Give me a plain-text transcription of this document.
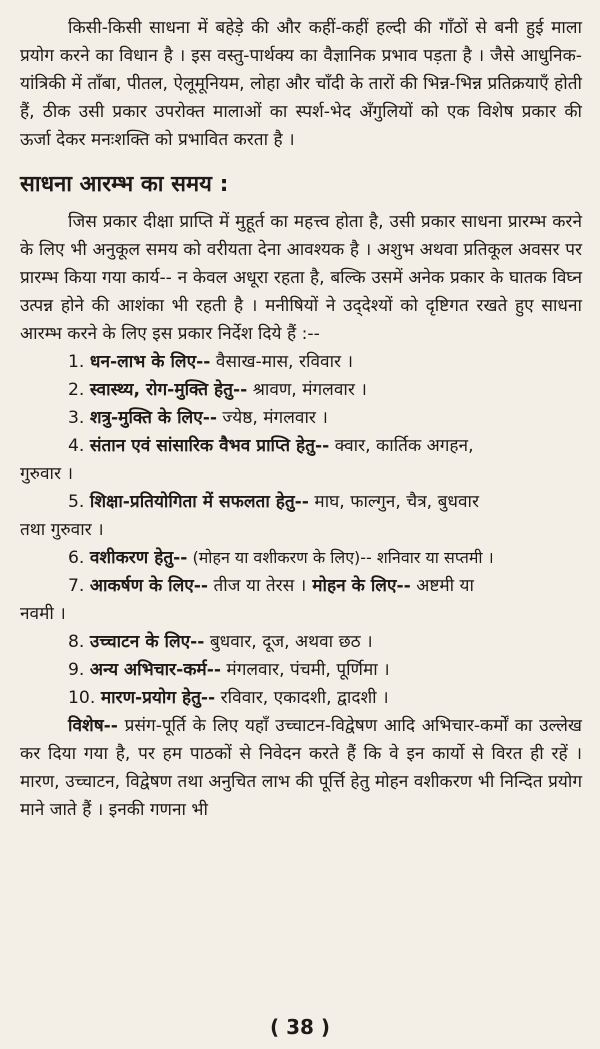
किसी-किसी साधना में बहेड़े की और कहीं-कहीं हल्दी की गाँठों से बनी हुई माला प्रयोग करने का विधान है । इस वस्तु-पार्थक्य का वैज्ञानिक प्रभाव पड़ता है । जैसे आधुनिक-यांत्रिकी में ताँबा, पीतल, ऐलूमूनियम, लोहा और चाँदी के तारों की भिन्न-भिन्न प्रतिक्रयाएँ होती हैं, ठीक उसी प्रकार उपरोक्त मालाओं का स्पर्श-भेद अँगुलियों को एक विशेष प्रकार की ऊर्जा देकर मनःशक्ति को प्रभावित करता है ।

साधना आरम्भ का समय :

जिस प्रकार दीक्षा प्राप्ति में मुहूर्त का महत्त्व होता है, उसी प्रकार साधना प्रारम्भ करने के लिए भी अनुकूल समय को वरीयता देना आवश्यक है । अशुभ अथवा प्रतिकूल अवसर पर प्रारम्भ किया गया कार्य-- न केवल अधूरा रहता है, बल्कि उसमें अनेक प्रकार के घातक विघ्न उत्पन्न होने की आशंका भी रहती है । मनीषियों ने उद्‌देश्यों को दृष्टिगत रखते हुए साधना आरम्भ करने के लिए इस प्रकार निर्देश दिये हैं :--

1. धन-लाभ के लिए-- वैसाख-मास, रविवार ।
2. स्वास्थ्य, रोग-मुक्ति हेतु-- श्रावण, मंगलवार ।
3. शत्रु-मुक्ति के लिए-- ज्येष्ठ, मंगलवार ।
4. संतान एवं सांसारिक वैभव प्राप्ति हेतु-- क्वार, कार्तिक अगहन,
गुरुवार ।
5. शिक्षा-प्रतियोगिता में सफलता हेतु-- माघ, फाल्गुन, चैत्र, बुधवार
तथा गुरुवार ।
6. वशीकरण हेतु-- (मोहन या वशीकरण के लिए)-- शनिवार या सप्तमी ।
7. आकर्षण के लिए-- तीज या तेरस । मोहन के लिए-- अष्टमी या
नवमी ।
8. उच्चाटन के लिए-- बुधवार, दूज, अथवा छठ ।
9. अन्य अभिचार-कर्म-- मंगलवार, पंचमी, पूर्णिमा ।
10. मारण-प्रयोग हेतु-- रविवार, एकादशी, द्वादशी ।

विशेष-- प्रसंग-पूर्ति के लिए यहाँ उच्चाटन-विद्वेषण आदि अभिचार-कर्मों का उल्लेख कर दिया गया है, पर हम पाठकों से निवेदन करते हैं कि वे इन कार्यो से विरत ही रहें । मारण, उच्चाटन, विद्वेषण तथा अनुचित लाभ की पूर्त्ति हेतु मोहन वशीकरण भी निन्दित प्रयोग माने जाते हैं । इनकी गणना भी

( 38 )
